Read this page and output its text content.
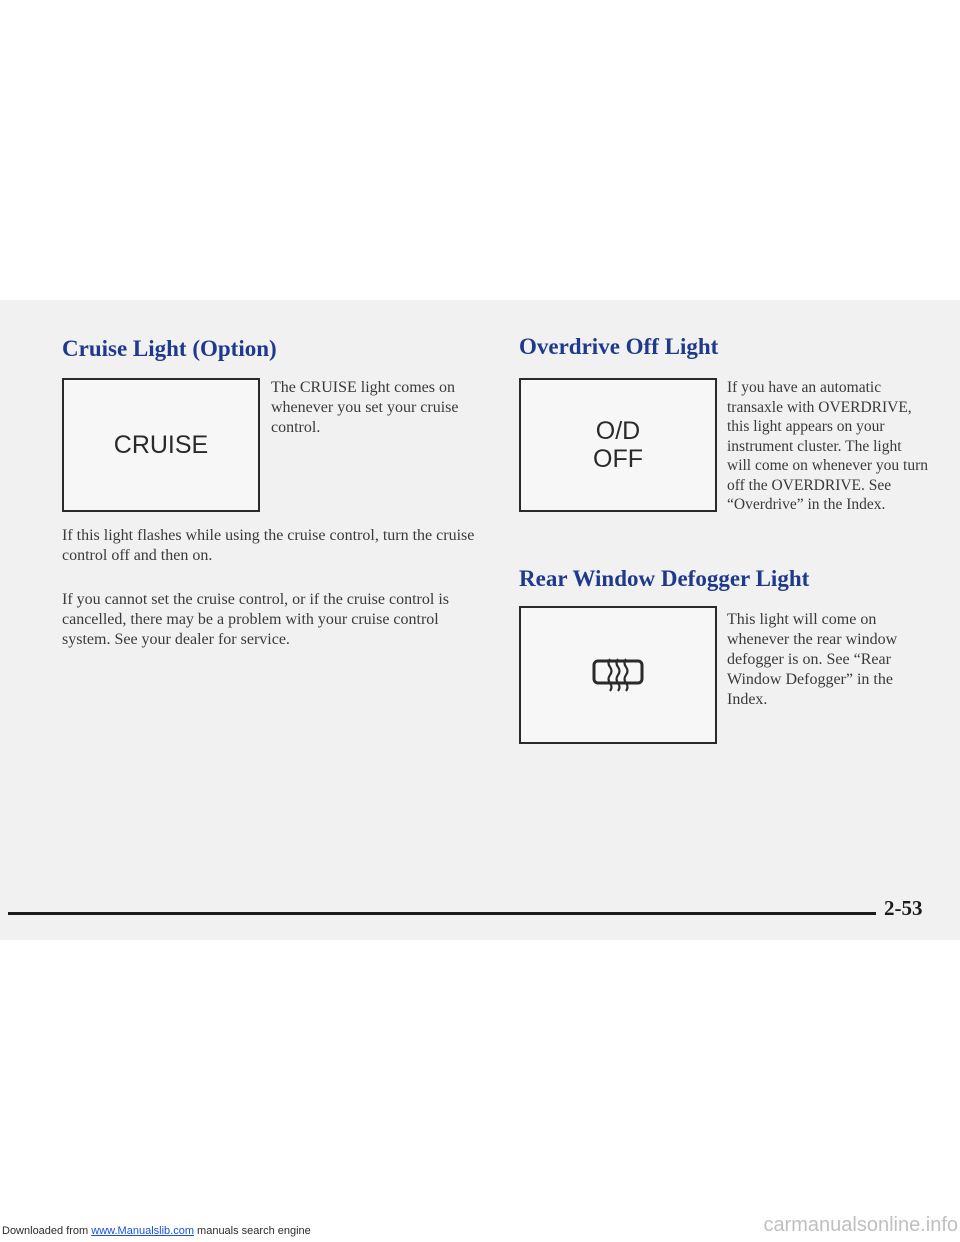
Cruise Light (Option)
CRUISE

The CRUISE light comes on whenever you set your cruise control.

If this light flashes while using the cruise control, turn the cruise control off and then on.

If you cannot set the cruise control, or if the cruise control is cancelled, there may be a problem with your cruise control system. See your dealer for service.

Overdrive Off Light
O/D
OFF

If you have an automatic transaxle with OVERDRIVE, this light appears on your instrument cluster. The light will come on whenever you turn off the OVERDRIVE. See “Overdrive” in the Index.

Rear Window Defogger Light

This light will come on whenever the rear window defogger is on. See “Rear Window Defogger” in the Index.

2-53

Downloaded from www.Manualslib.com manuals search engine	carmanualsonline.info
